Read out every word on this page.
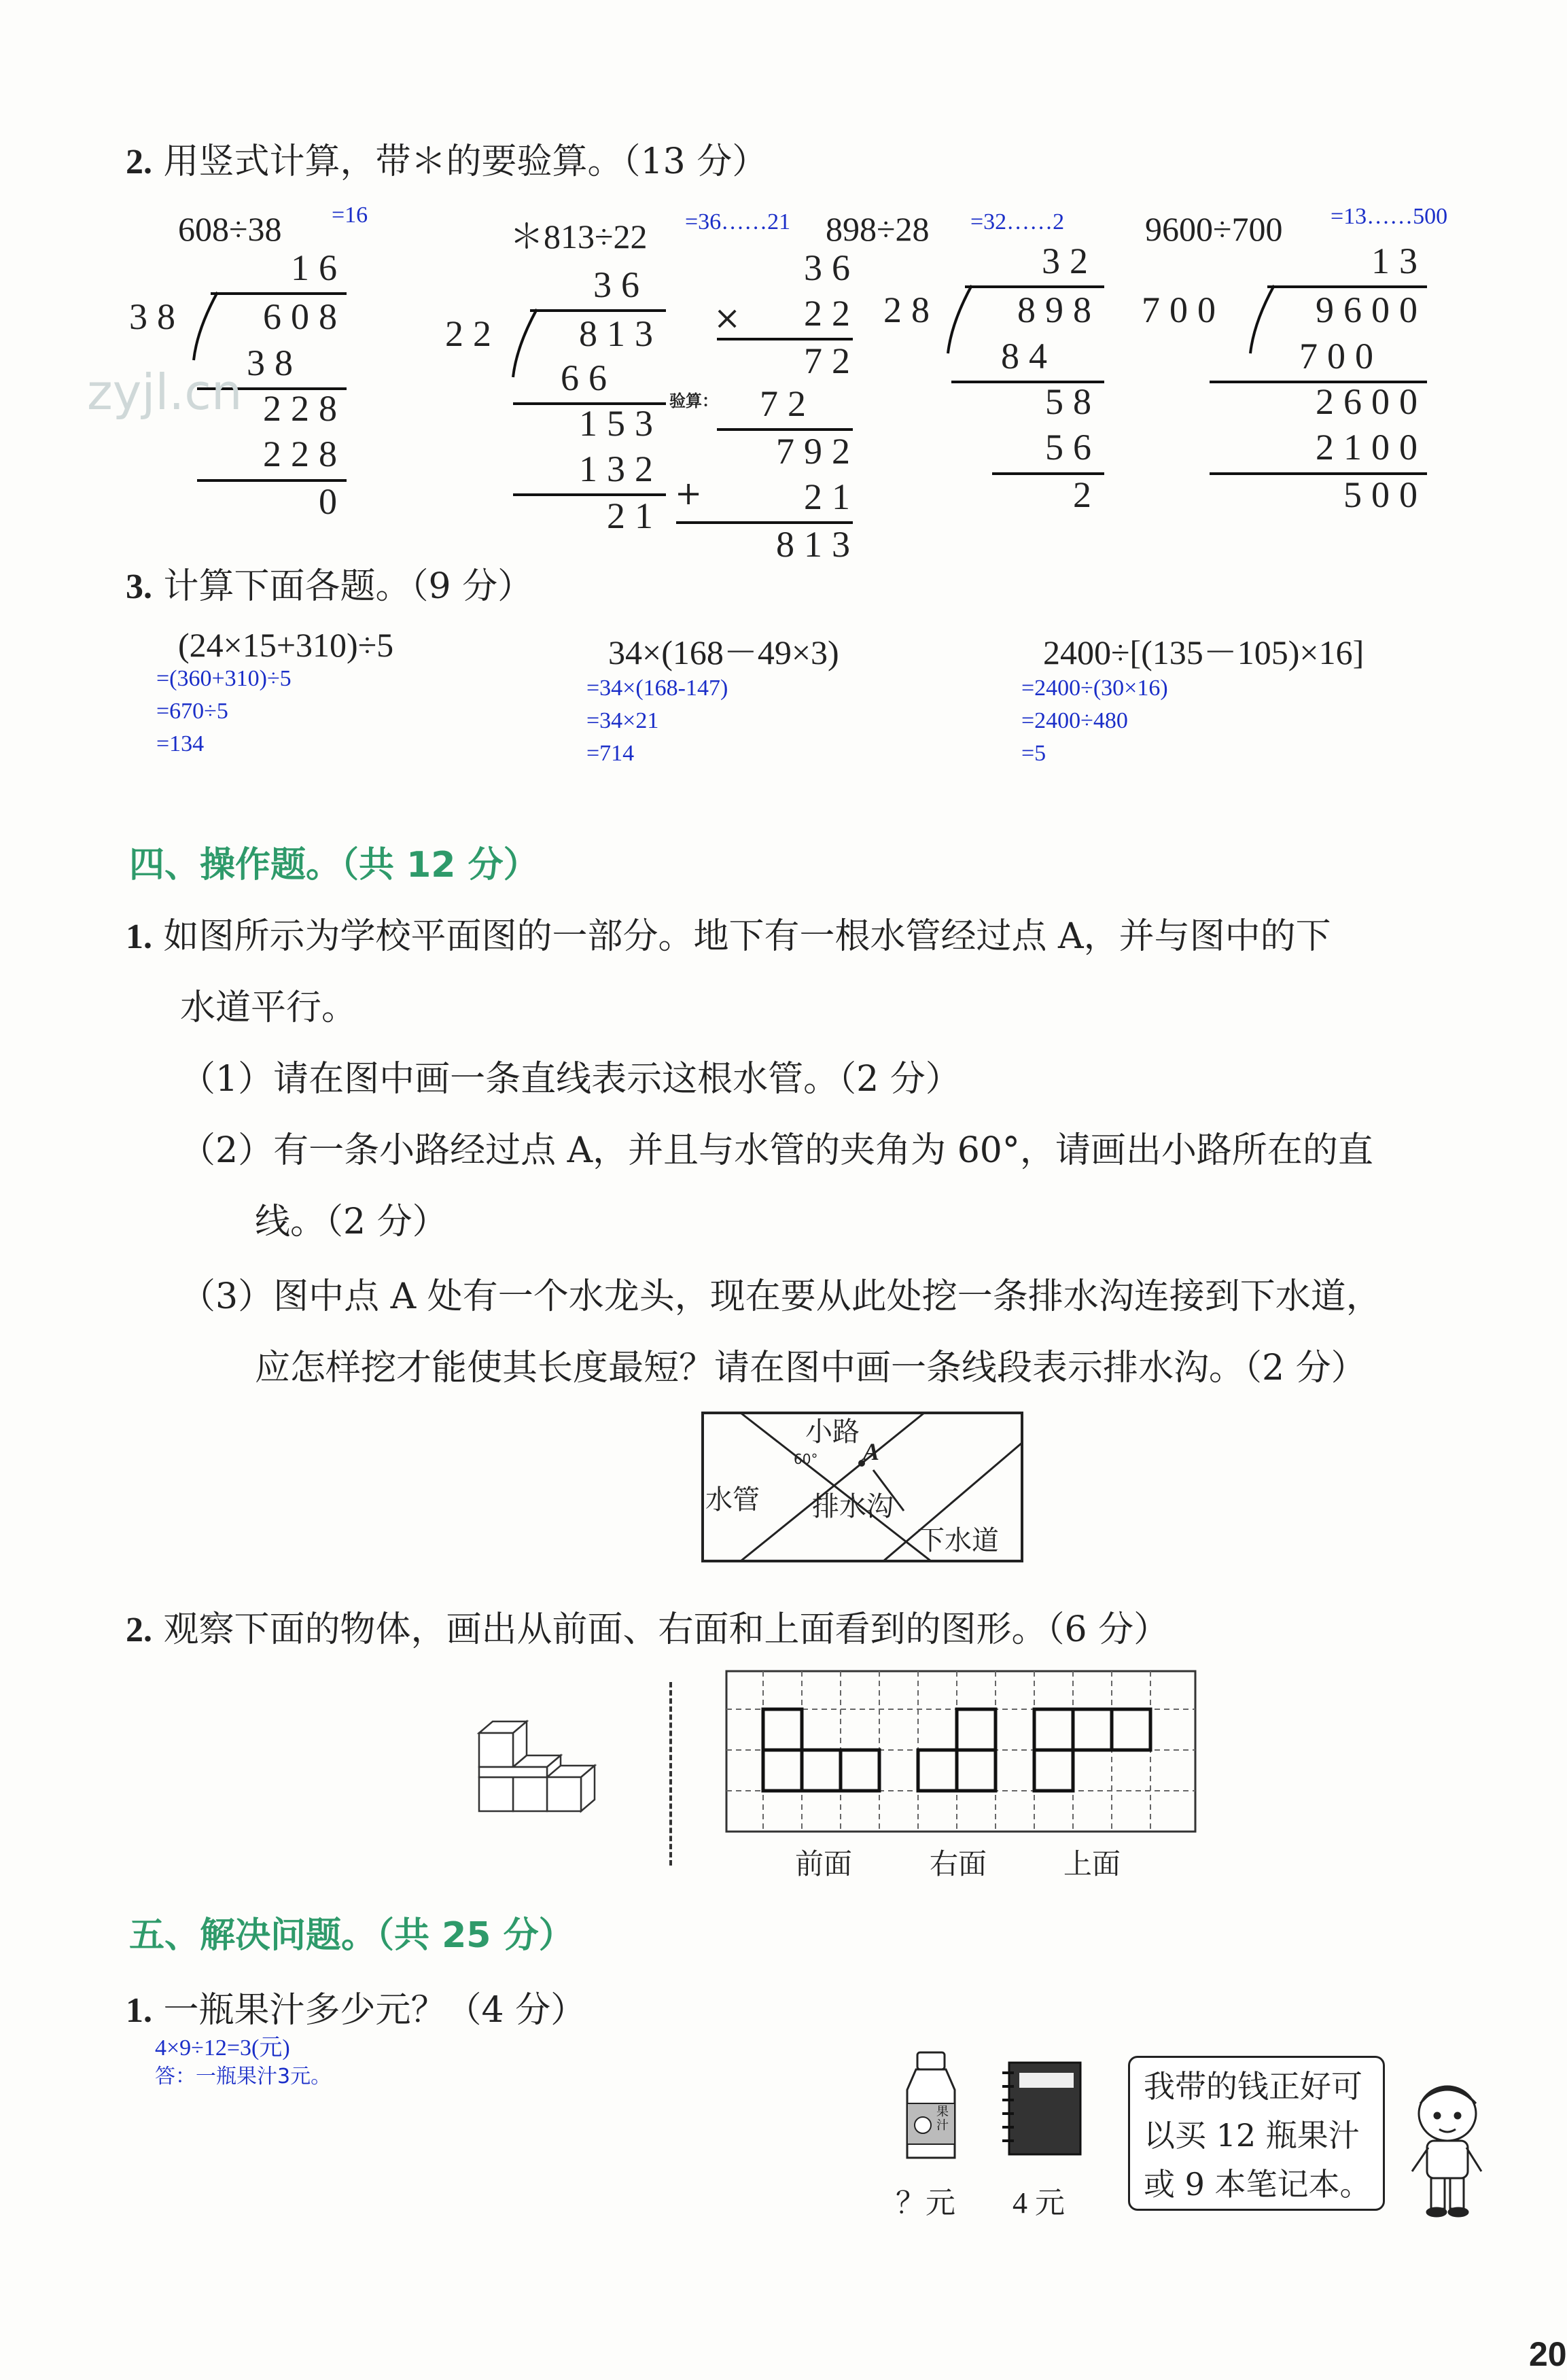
2. 用竖式计算，带＊的要验算。（13 分）
608÷38 =16
＊813÷22 =36……21 898÷28 =32……2 9600÷700 =13……500
16
38 608
38
228
228
0
36
22 813
66
153
132
21
36
× 22
72
验算： 72
792
+	21
813
32
28 898
84
58
56
2
13
700 9600
700
2600
2100
500
zyjl.cn
3. 计算下面各题。（9 分）
(24×15+310)÷5
=(360+310)÷5
=670÷5
=134
34×(168－49×3)
=34×(168-147)
=34×21
=714
2400÷[(135－105)×16]
=2400÷(30×16)
=2400÷480
=5
四、操作题。（共 12 分）
1. 如图所示为学校平面图的一部分。地下有一根水管经过点 A，并与图中的下
水道平行。
（1）请在图中画一条直线表示这根水管。（2 分）
（2）有一条小路经过点 A，并且与水管的夹角为 60°，请画出小路所在的直
线。（2 分）
（3）图中点 A 处有一个水龙头，现在要从此处挖一条排水沟连接到下水道，
应怎样挖才能使其长度最短？请在图中画一条线段表示排水沟。（2 分）
小路
60° A
水管 排水沟
下水道
2. 观察下面的物体，画出从前面、右面和上面看到的图形。（6 分）
前面	右面	上面
五、解决问题。（共 25 分）
1. 一瓶果汁多少元？（4 分）
4×9÷12=3(元)
答：一瓶果汁3元。
果汁
？元 4 元
我带的钱正好可
以买 12 瓶果汁
或 9 本笔记本。
20
